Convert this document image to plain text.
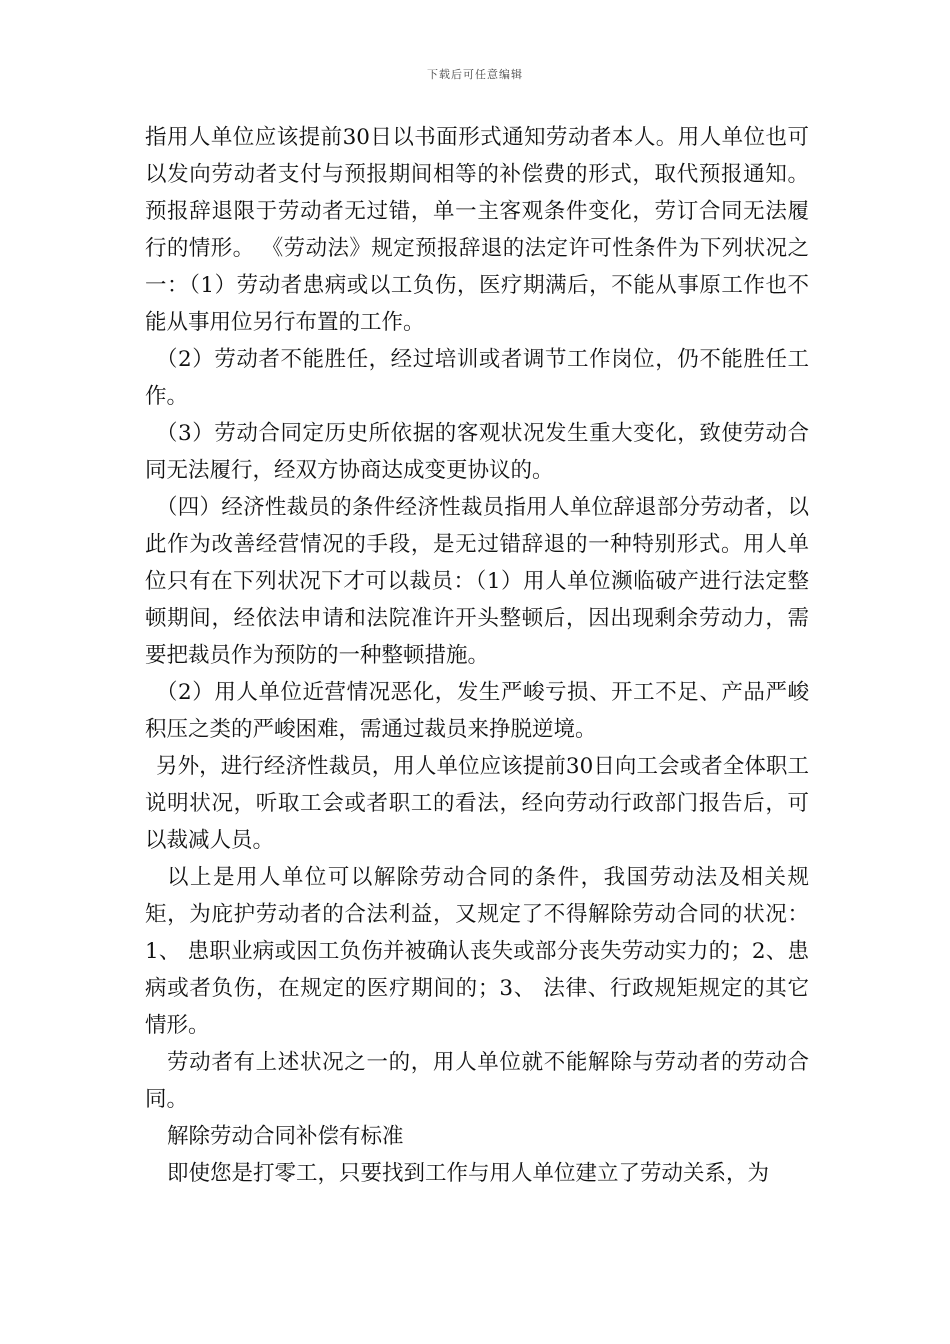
下载后可任意编辑

指用人单位应该提前30日以书面形式通知劳动者本人。用人单位也可以发向劳动者支付与预报期间相等的补偿费的形式，取代预报通知。预报辞退限于劳动者无过错，单一主客观条件变化，劳订合同无法履行的情形。 《劳动法》规定预报辞退的法定许可性条件为下列状况之一：（1）劳动者患病或以工负伤，医疗期满后，不能从事原工作也不能从事用位另行布置的工作。

（2）劳动者不能胜任，经过培训或者调节工作岗位，仍不能胜任工作。

（3）劳动合同定历史所依据的客观状况发生重大变化，致使劳动合同无法履行，经双方协商达成变更协议的。

（四）经济性裁员的条件经济性裁员指用人单位辞退部分劳动者，以此作为改善经营情况的手段，是无过错辞退的一种特别形式。用人单位只有在下列状况下才可以裁员：（1）用人单位濒临破产进行法定整顿期间，经依法申请和法院准许开头整顿后，因出现剩余劳动力，需要把裁员作为预防的一种整顿措施。

（2）用人单位近营情况恶化，发生严峻亏损、开工不足、产品严峻积压之类的严峻困难，需通过裁员来挣脱逆境。

另外，进行经济性裁员，用人单位应该提前30日向工会或者全体职工说明状况，听取工会或者职工的看法，经向劳动行政部门报告后，可以裁减人员。

以上是用人单位可以解除劳动合同的条件，我国劳动法及相关规矩，为庇护劳动者的合法利益，又规定了不得解除劳动合同的状况：1、 患职业病或因工负伤并被确认丧失或部分丧失劳动实力的；2、患病或者负伤，在规定的医疗期间的；3、 法律、行政规矩规定的其它情形。

劳动者有上述状况之一的，用人单位就不能解除与劳动者的劳动合同。

解除劳动合同补偿有标准

即使您是打零工，只要找到工作与用人单位建立了劳动关系，为
